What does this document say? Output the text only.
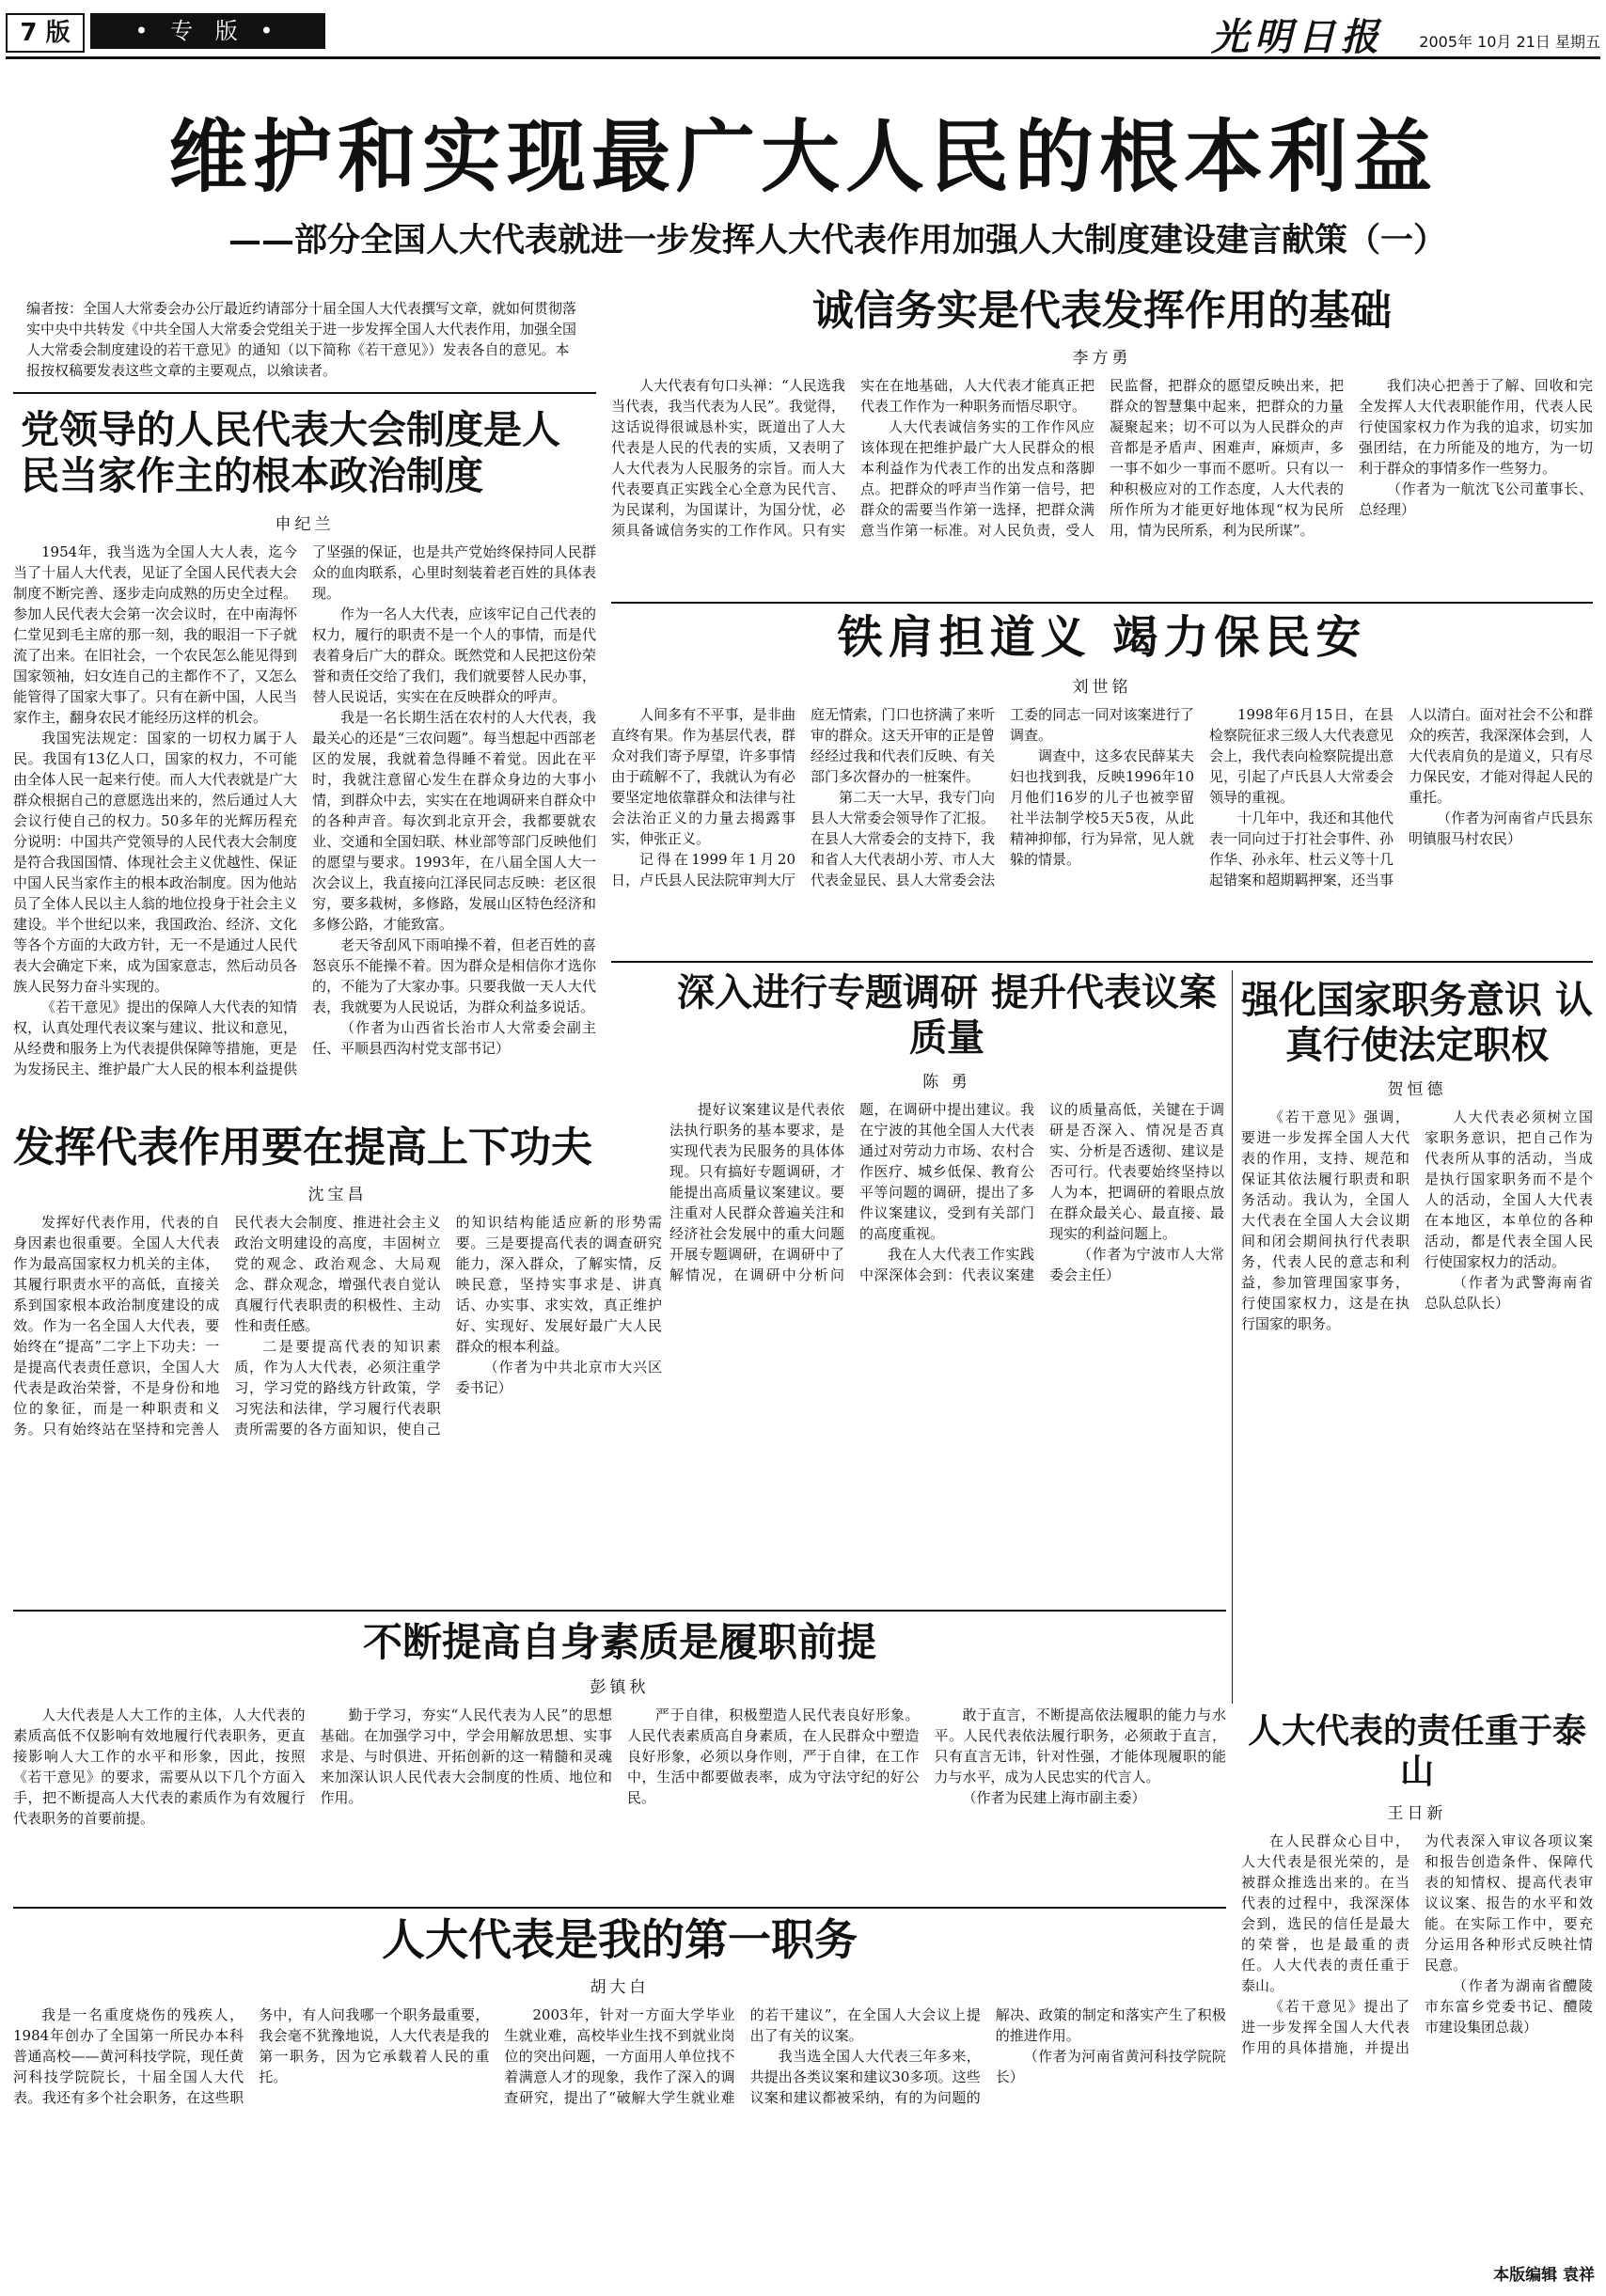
7 版	• 专 版 •	光明日报 2005年 10月 21日 星期五
维护和实现最广大人民的根本利益
——部分全国人大代表就进一步发挥人大代表作用加强人大制度建设建言献策（一）
编者按：全国人大常委会办公厅最近约请部分十届全国人大代表撰写文章，就如何贯彻落实中央中共转发《中共全国人大常委会党组关于进一步发挥全国人大代表作用，加强全国人大常委会制度建设的若干意见》的通知（以下简称《若干意见》）发表各自的意见。本报按权稿要发表这些文章的主要观点，以飨读者。
党领导的人民代表大会制度是人民当家作主的根本政治制度
申纪兰

1954年，我当选为全国人大人表，迄今当了十届人大代表，见证了全国人民代表大会制度不断完善、逐步走向成熟的历史全过程。参加人民代表大会第一次会议时，在中南海怀仁堂见到毛主席的那一刻，我的眼泪一下子就流了出来。在旧社会，一个农民怎么能见得到国家领袖，妇女连自己的主都作不了，又怎么能管得了国家大事了。只有在新中国，人民当家作主，翻身农民才能经历这样的机会。

我国宪法规定：国家的一切权力属于人民。我国有13亿人口，国家的权力，不可能由全体人民一起来行使。而人大代表就是广大群众根据自己的意愿选出来的，然后通过人大会议行使自己的权力。50多年的光辉历程充分说明：中国共产党领导的人民代表大会制度是符合我国国情、体现社会主义优越性、保证中国人民当家作主的根本政治制度。因为他站员了全体人民以主人翁的地位投身于社会主义建设。半个世纪以来，我国政治、经济、文化等各个方面的大政方针，无一不是通过人民代表大会确定下来，成为国家意志，然后动员各族人民努力奋斗实现的。

《若干意见》提出的保障人大代表的知情权，认真处理代表议案与建议、批议和意见，从经费和服务上为代表提供保障等措施，更是为发扬民主、维护最广大人民的根本利益提供了坚强的保证，也是共产党始终保持同人民群众的血肉联系，心里时刻装着老百姓的具体表现。

作为一名人大代表，应该牢记自己代表的权力，履行的职责不是一个人的事情，而是代表着身后广大的群众。既然党和人民把这份荣誉和责任交给了我们，我们就要替人民办事，替人民说话，实实在在反映群众的呼声。

我是一名长期生活在农村的人大代表，我最关心的还是“三农问题”。每当想起中西部老区的发展，我就着急得睡不着觉。因此在平时，我就注意留心发生在群众身边的大事小情，到群众中去，实实在在地调研来自群众中的各种声音。每次到北京开会，我都要就农业、交通和全国妇联、林业部等部门反映他们的愿望与要求。1993年，在八届全国人大一次会议上，我直接向江泽民同志反映：老区很穷，要多栽树，多修路，发展山区特色经济和多修公路，才能致富。

老天爷刮风下雨咱操不着，但老百姓的喜怒哀乐不能操不着。因为群众是相信你才选你的，不能为了大家办事。只要我做一天人大代表，我就要为人民说话，为群众利益多说话。

（作者为山西省长治市人大常委会副主任、平顺县西沟村党支部书记）

诚信务实是代表发挥作用的基础
李方勇

人大代表有句口头禅：“人民选我当代表，我当代表为人民”。我觉得，这话说得很诚恳朴实，既道出了人大代表是人民的代表的实质，又表明了人大代表为人民服务的宗旨。而人大代表要真正实践全心全意为民代言、为民谋利，为国谋计，为国分忧，必须具备诚信务实的工作作风。只有实实在在地基础，人大代表才能真正把代表工作作为一种职务而悟尽职守。

人大代表诚信务实的工作作风应该体现在把维护最广大人民群众的根本利益作为代表工作的出发点和落脚点。把群众的呼声当作第一信号，把群众的需要当作第一选择，把群众满意当作第一标准。对人民负责，受人民监督，把群众的愿望反映出来，把群众的智慧集中起来，把群众的力量凝聚起来；切不可以为人民群众的声音都是矛盾声、困难声，麻烦声，多一事不如少一事而不愿听。只有以一种积极应对的工作态度，人大代表的所作所为才能更好地体现“权为民所用，情为民所系，利为民所谋”。

我们决心把善于了解、回收和完全发挥人大代表职能作用，代表人民行使国家权力作为我的追求，切实加强团结，在力所能及的地方，为一切利于群众的事情多作一些努力。

（作者为一航沈飞公司董事长、总经理）

铁肩担道义 竭力保民安
刘世铭

人间多有不平事，是非曲直终有果。作为基层代表，群众对我们寄予厚望，许多事情由于疏解不了，我就认为有必要坚定地依靠群众和法律与社会法治正义的力量去揭露事实，伸张正义。

记得在1999年1月20日，卢氏县人民法院审判大厅庭无情索，门口也挤满了来听审的群众。这天开审的正是曾经经过我和代表们反映、有关部门多次督办的一桩案件。

第二天一大早，我专门向县人大常委会领导作了汇报。在县人大常委会的支持下，我和省人大代表胡小芳、市人大代表金显民、县人大常委会法工委的同志一同对该案进行了调查。

调查中，这多农民薛某夫妇也找到我，反映1996年10月他们16岁的儿子也被孪留社半法制学校5天5夜，从此精神抑郁，行为异常，见人就躲的情景。

1998年6月15日，在县检察院征求三级人大代表意见会上，我代表向检察院提出意见，引起了卢氏县人大常委会领导的重视。

十几年中，我还和其他代表一同向过于打社会事件、孙作华、孙永年、杜云义等十几起错案和超期羁押案，还当事人以清白。面对社会不公和群众的疾苦，我深深体会到，人大代表肩负的是道义，只有尽力保民安，才能对得起人民的重托。

（作者为河南省卢氏县东明镇服马村农民）

发挥代表作用要在提高上下功夫
沈宝昌

发挥好代表作用，代表的自身因素也很重要。全国人大代表作为最高国家权力机关的主体，其履行职责水平的高低，直接关系到国家根本政治制度建设的成效。作为一名全国人大代表，要始终在“提高”二字上下功夫：一是提高代表责任意识，全国人大代表是政治荣誉，不是身份和地位的象征，而是一种职责和义务。只有始终站在坚持和完善人民代表大会制度、推进社会主义政治文明建设的高度，丰固树立党的观念、政治观念、大局观念、群众观念，增强代表自觉认真履行代表职责的积极性、主动性和责任感。

二是要提高代表的知识素质，作为人大代表，必须注重学习，学习党的路线方针政策，学习宪法和法律，学习履行代表职责所需要的各方面知识，使自己的知识结构能适应新的形势需要。三是要提高代表的调查研究能力，深入群众，了解实情，反映民意，坚持实事求是、讲真话、办实事、求实效，真正维护好、实现好、发展好最广大人民群众的根本利益。

（作者为中共北京市大兴区委书记）

深入进行专题调研 提升代表议案质量
陈 勇

提好议案建议是代表依法执行职务的基本要求，是实现代表为民服务的具体体现。只有搞好专题调研，才能提出高质量议案建议。要注重对人民群众普遍关注和经济社会发展中的重大问题开展专题调研，在调研中了解情况，在调研中分析问题，在调研中提出建议。我在宁波的其他全国人大代表通过对劳动力市场、农村合作医疗、城乡低保、教育公平等问题的调研，提出了多件议案建议，受到有关部门的高度重视。

我在人大代表工作实践中深深体会到：代表议案建议的质量高低，关键在于调研是否深入、情况是否真实、分析是否透彻、建议是否可行。代表要始终坚持以人为本，把调研的着眼点放在群众最关心、最直接、最现实的利益问题上。

（作者为宁波市人大常委会主任）

强化国家职务意识 认真行使法定职权
贺恒德

《若干意见》强调，要进一步发挥全国人大代表的作用，支持、规范和保证其依法履行职责和职务活动。我认为，全国人大代表在全国人大会议期间和闭会期间执行代表职务，代表人民的意志和利益，参加管理国家事务，行使国家权力，这是在执行国家的职务。

人大代表必须树立国家职务意识，把自己作为代表所从事的活动，当成是执行国家职务而不是个人的活动，全国人大代表在本地区，本单位的各种活动，都是代表全国人民行使国家权力的活动。

（作者为武警海南省总队总队长）

不断提高自身素质是履职前提
彭镇秋

人大代表是人大工作的主体，人大代表的素质高低不仅影响有效地履行代表职务，更直接影响人大工作的水平和形象，因此，按照《若干意见》的要求，需要从以下几个方面入手，把不断提高人大代表的素质作为有效履行代表职务的首要前提。

勤于学习，夯实“人民代表为人民”的思想基础。在加强学习中，学会用解放思想、实事求是、与时俱进、开拓创新的这一精髓和灵魂来加深认识人民代表大会制度的性质、地位和作用。

严于自律，积极塑造人民代表良好形象。人民代表素质高自身素质，在人民群众中塑造良好形象，必须以身作则，严于自律，在工作中，生活中都要做表率，成为守法守纪的好公民。

敢于直言，不断提高依法履职的能力与水平。人民代表依法履行职务，必须敢于直言，只有直言无讳，针对性强，才能体现履职的能力与水平，成为人民忠实的代言人。

（作者为民建上海市副主委）

人大代表的责任重于泰山
王日新

在人民群众心目中，人大代表是很光荣的，是被群众推选出来的。在当代表的过程中，我深深体会到，选民的信任是最大的荣誉，也是最重的责任。人大代表的责任重于泰山。

《若干意见》提出了进一步发挥全国人大代表作用的具体措施，并提出为代表深入审议各项议案和报告创造条件、保障代表的知情权、提高代表审议议案、报告的水平和效能。在实际工作中，要充分运用各种形式反映社情民意。

（作者为湖南省醴陵市东富乡党委书记、醴陵市建设集团总裁）

人大代表是我的第一职务
胡大白

我是一名重度烧伤的残疾人，1984年创办了全国第一所民办本科普通高校——黄河科技学院，现任黄河科技学院院长，十届全国人大代表。我还有多个社会职务，在这些职务中，有人问我哪一个职务最重要，我会毫不犹豫地说，人大代表是我的第一职务，因为它承载着人民的重托。

2003年，针对一方面大学毕业生就业难，高校毕业生找不到就业岗位的突出问题，一方面用人单位找不着满意人才的现象，我作了深入的调查研究，提出了“破解大学生就业难的若干建议”，在全国人大会议上提出了有关的议案。

我当选全国人大代表三年多来，共提出各类议案和建议30多项。这些议案和建议都被采纳，有的为问题的解决、政策的制定和落实产生了积极的推进作用。

（作者为河南省黄河科技学院院长）

本版编辑 袁祥
